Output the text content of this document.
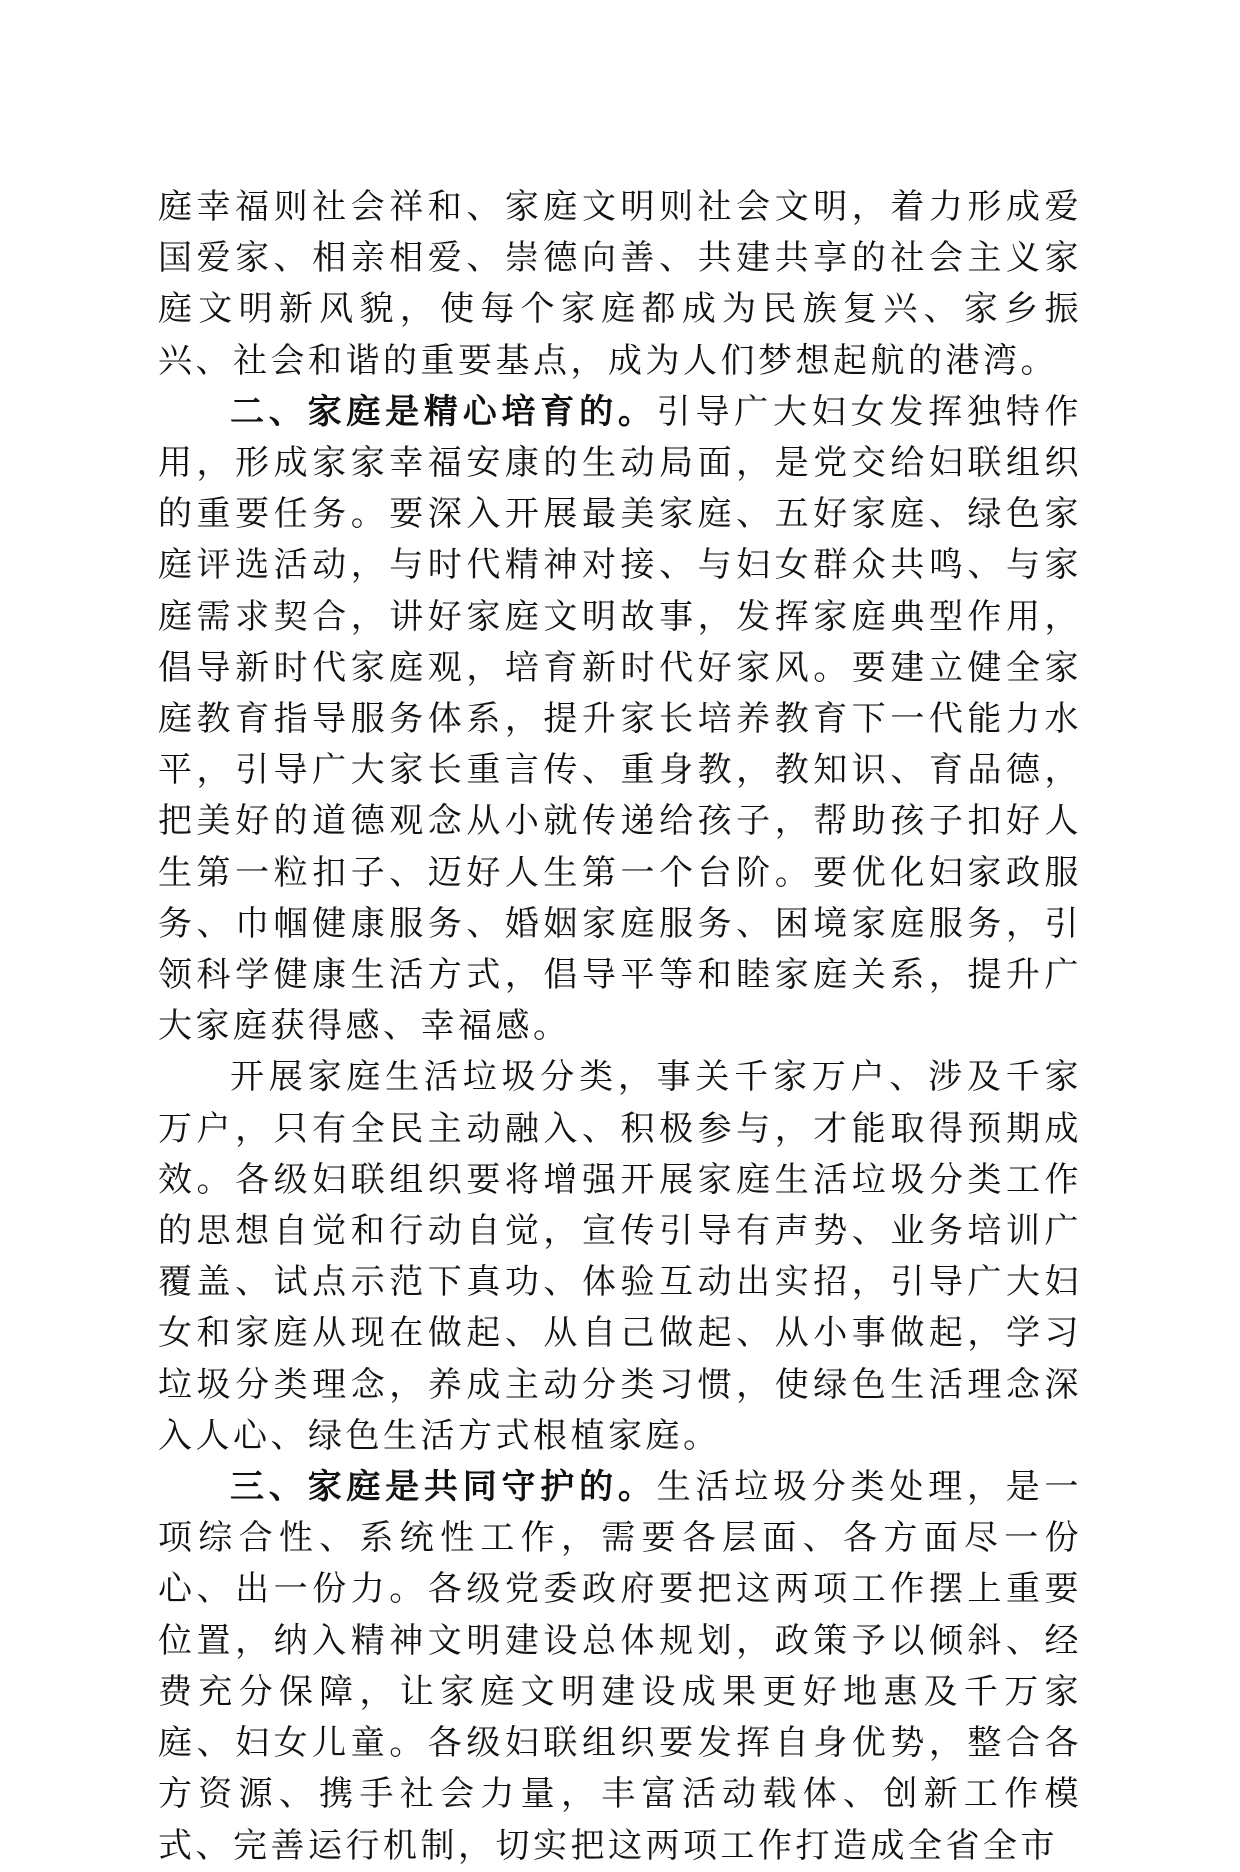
庭幸福则社会祥和、家庭文明则社会文明，着力形成爱国爱家、相亲相爱、崇德向善、共建共享的社会主义家庭文明新风貌，使每个家庭都成为民族复兴、家乡振兴、社会和谐的重要基点，成为人们梦想起航的港湾。

二、家庭是精心培育的。引导广大妇女发挥独特作用，形成家家幸福安康的生动局面，是党交给妇联组织的重要任务。要深入开展最美家庭、五好家庭、绿色家庭评选活动，与时代精神对接、与妇女群众共鸣、与家庭需求契合，讲好家庭文明故事，发挥家庭典型作用，倡导新时代家庭观，培育新时代好家风。要建立健全家庭教育指导服务体系，提升家长培养教育下一代能力水平，引导广大家长重言传、重身教，教知识、育品德，把美好的道德观念从小就传递给孩子，帮助孩子扣好人生第一粒扣子、迈好人生第一个台阶。要优化妇家政服务、巾帼健康服务、婚姻家庭服务、困境家庭服务，引领科学健康生活方式，倡导平等和睦家庭关系，提升广大家庭获得感、幸福感。

开展家庭生活垃圾分类，事关千家万户、涉及千家万户，只有全民主动融入、积极参与，才能取得预期成效。各级妇联组织要将增强开展家庭生活垃圾分类工作的思想自觉和行动自觉，宣传引导有声势、业务培训广覆盖、试点示范下真功、体验互动出实招，引导广大妇女和家庭从现在做起、从自己做起、从小事做起，学习垃圾分类理念，养成主动分类习惯，使绿色生活理念深入人心、绿色生活方式根植家庭。

三、家庭是共同守护的。生活垃圾分类处理，是一项综合性、系统性工作，需要各层面、各方面尽一份心、出一份力。各级党委政府要把这两项工作摆上重要位置，纳入精神文明建设总体规划，政策予以倾斜、经费充分保障，让家庭文明建设成果更好地惠及千万家庭、妇女儿童。各级妇联组织要发挥自身优势，整合各方资源、携手社会力量，丰富活动载体、创新工作模式、完善运行机制，切实把这两项工作打造成全省全市
